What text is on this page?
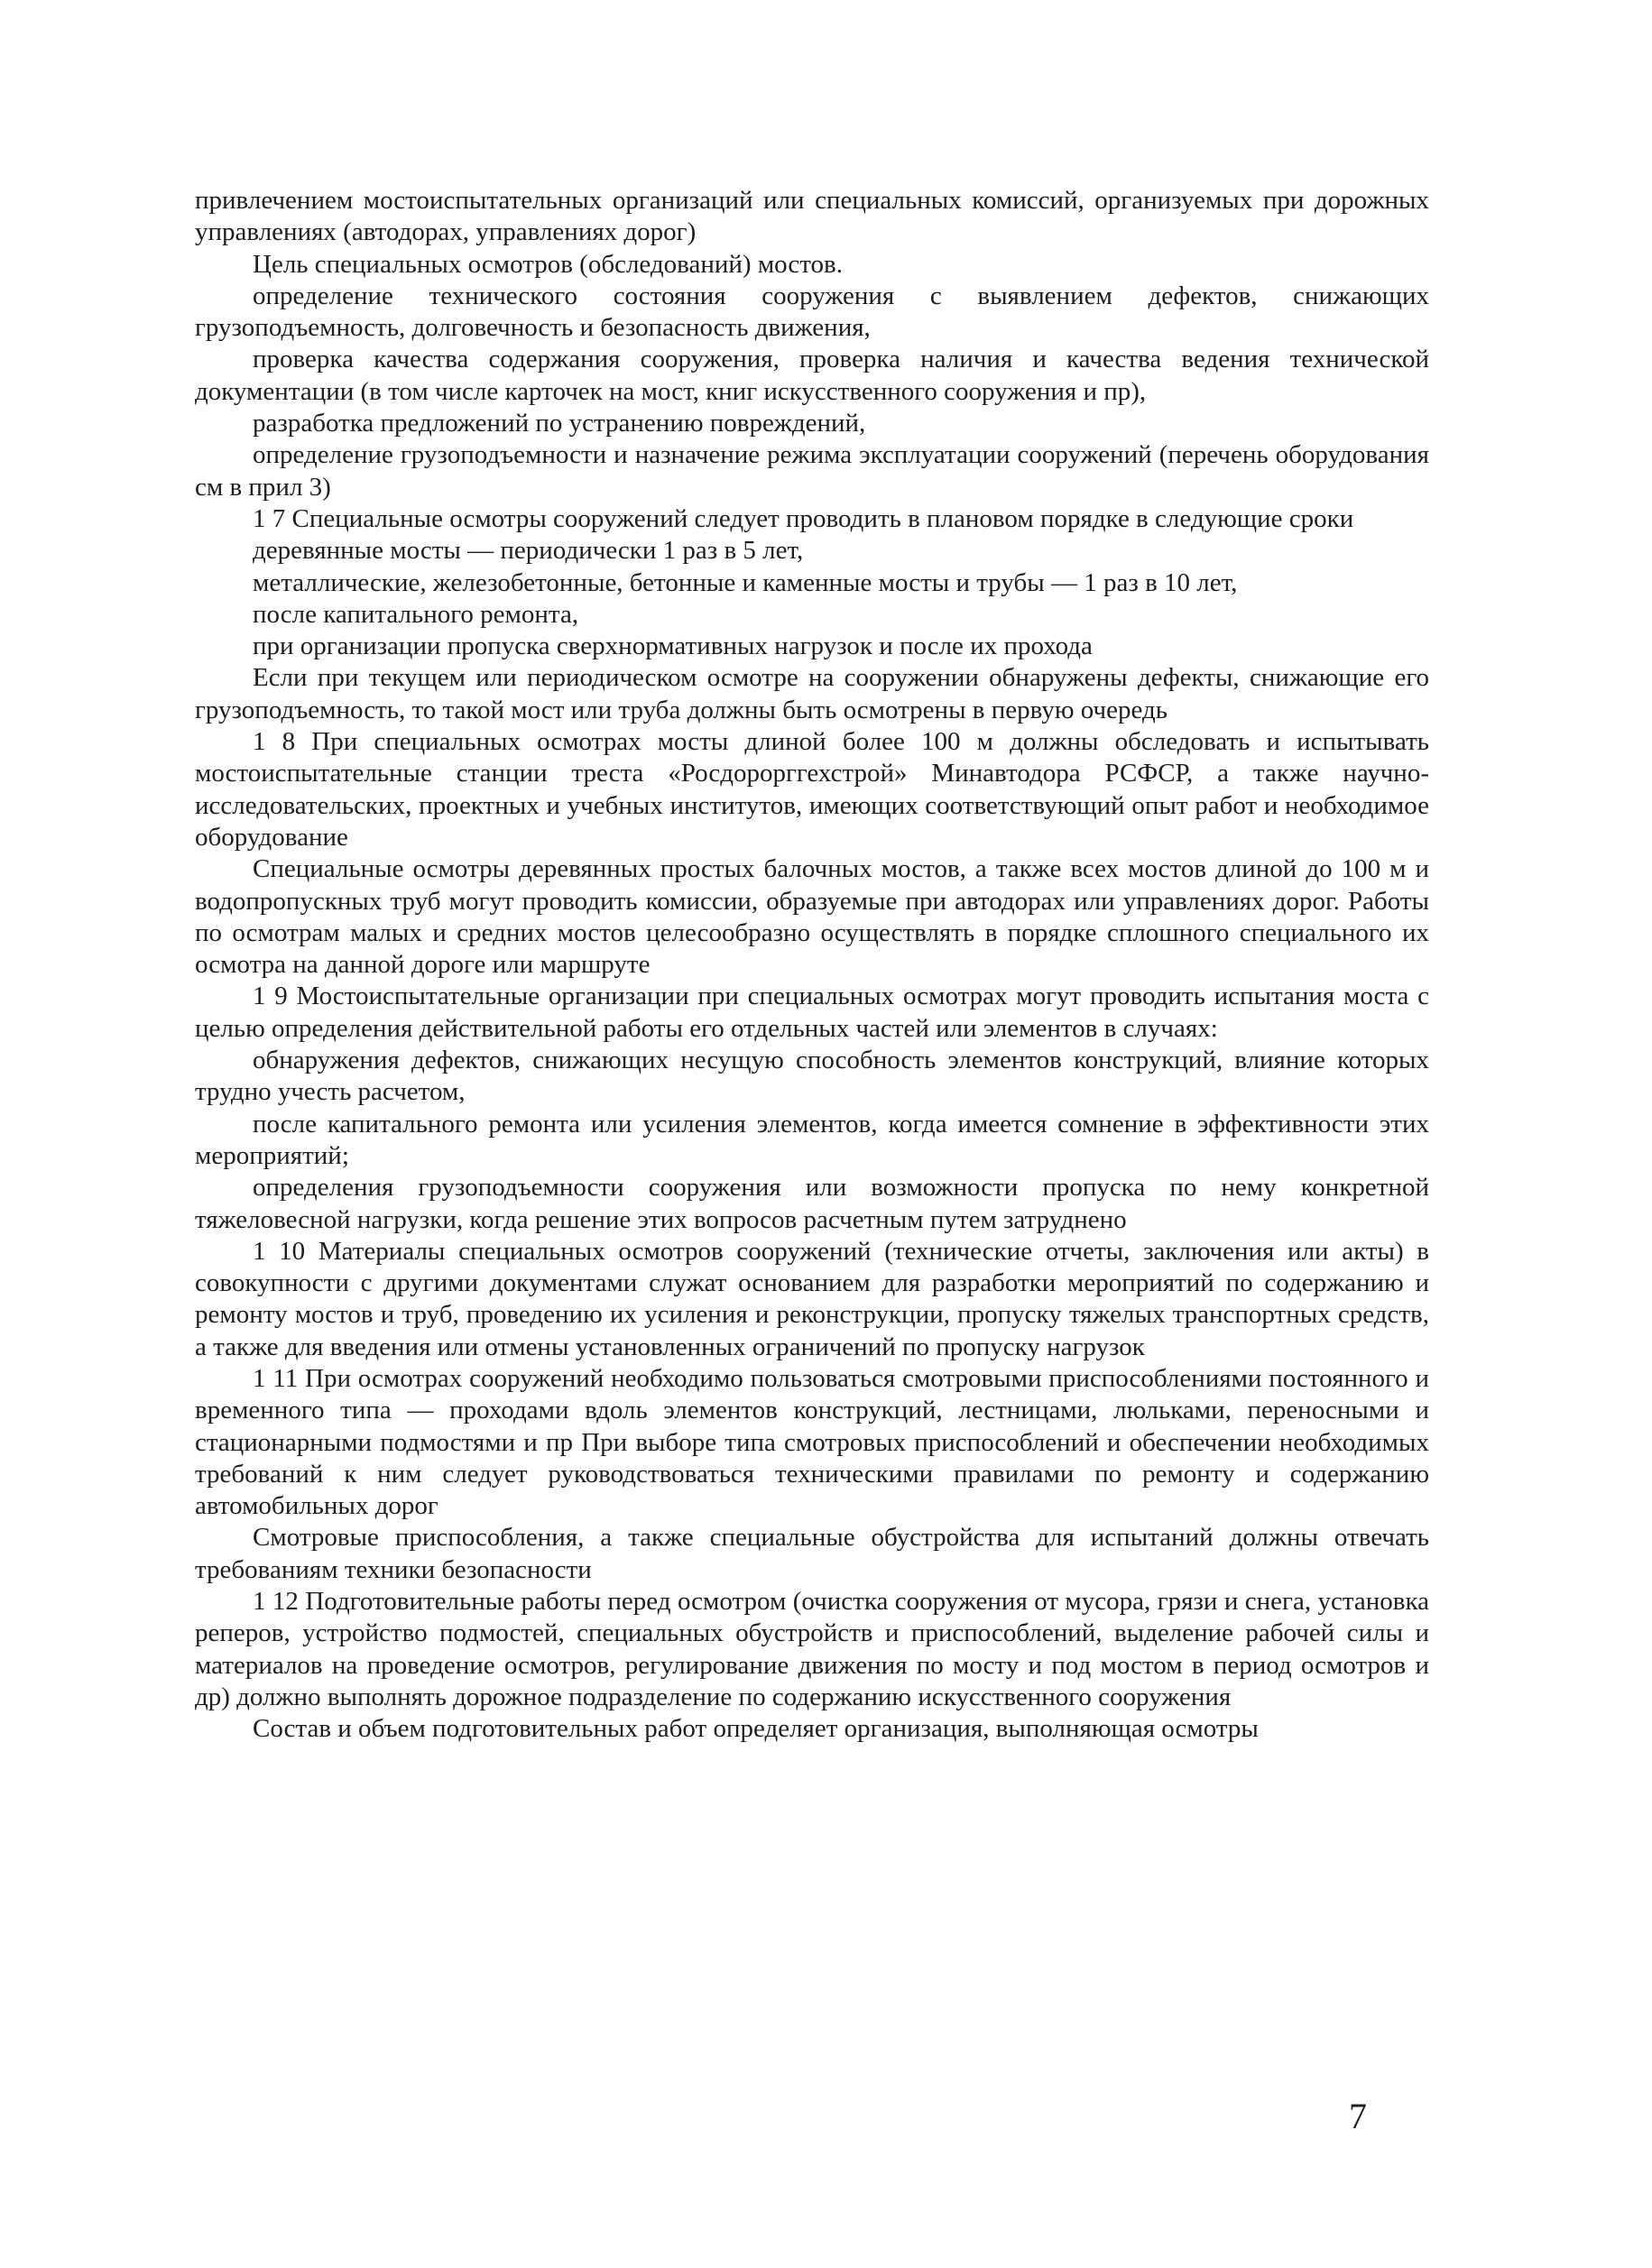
привлечением мостоиспытательных организаций или специальных комиссий, организуемых при дорожных управлениях (автодорах, управлениях дорог)

Цель специальных осмотров (обследований) мостов.

определение технического состояния сооружения с выявлением дефектов, снижающих грузоподъемность, долговечность и безопасность движения,

проверка качества содержания сооружения, проверка наличия и качества ведения технической документации (в том числе карточек на мост, книг искусственного сооружения и пр),

разработка предложений по устранению повреждений,

определение грузоподъемности и назначение режима эксплуатации сооружений (перечень оборудования см в прил 3)

1 7 Специальные осмотры сооружений следует проводить в плановом порядке в следующие сроки

деревянные мосты — периодически 1 раз в 5 лет,

металлические, железобетонные, бетонные и каменные мосты и трубы — 1 раз в 10 лет,

после капитального ремонта,

при организации пропуска сверхнормативных нагрузок и после их прохода

Если при текущем или периодическом осмотре на сооружении обнаружены дефекты, снижающие его грузоподъемность, то такой мост или труба должны быть осмотрены в первую очередь

1 8 При специальных осмотрах мосты длиной более 100 м должны обследовать и испытывать мостоиспытательные станции треста «Росдорорггехстрой» Минавтодора РСФСР, а также научно-исследовательских, проектных и учебных институтов, имеющих соответствующий опыт работ и необходимое оборудование

Специальные осмотры деревянных простых балочных мостов, а также всех мостов длиной до 100 м и водопропускных труб могут проводить комиссии, образуемые при автодорах или управлениях дорог. Работы по осмотрам малых и средних мостов целесообразно осуществлять в порядке сплошного специального их осмотра на данной дороге или маршруте

1 9 Мостоиспытательные организации при специальных осмотрах могут проводить испытания моста с целью определения действительной работы его отдельных частей или элементов в случаях:

обнаружения дефектов, снижающих несущую способность элементов конструкций, влияние которых трудно учесть расчетом,

после капитального ремонта или усиления элементов, когда имеется сомнение в эффективности этих мероприятий;

определения грузоподъемности сооружения или возможности пропуска по нему конкретной тяжеловесной нагрузки, когда решение этих вопросов расчетным путем затруднено

1 10 Материалы специальных осмотров сооружений (технические отчеты, заключения или акты) в совокупности с другими документами служат основанием для разработки мероприятий по содержанию и ремонту мостов и труб, проведению их усиления и реконструкции, пропуску тяжелых транспортных средств, а также для введения или отмены установленных ограничений по пропуску нагрузок

1 11 При осмотрах сооружений необходимо пользоваться смотровыми приспособлениями постоянного и временного типа — проходами вдоль элементов конструкций, лестницами, люльками, переносными и стационарными подмостями и пр При выборе типа смотровых приспособлений и обеспечении необходимых требований к ним следует руководствоваться техническими правилами по ремонту и содержанию автомобильных дорог

Смотровые приспособления, а также специальные обустройства для испытаний должны отвечать требованиям техники безопасности

1 12 Подготовительные работы перед осмотром (очистка сооружения от мусора, грязи и снега, установка реперов, устройство подмостей, специальных обустройств и приспособлений, выделение рабочей силы и материалов на проведение осмотров, регулирование движения по мосту и под мостом в период осмотров и др) должно выполнять дорожное подразделение по содержанию искусственного сооружения

Состав и объем подготовительных работ определяет организация, выполняющая осмотры

7
